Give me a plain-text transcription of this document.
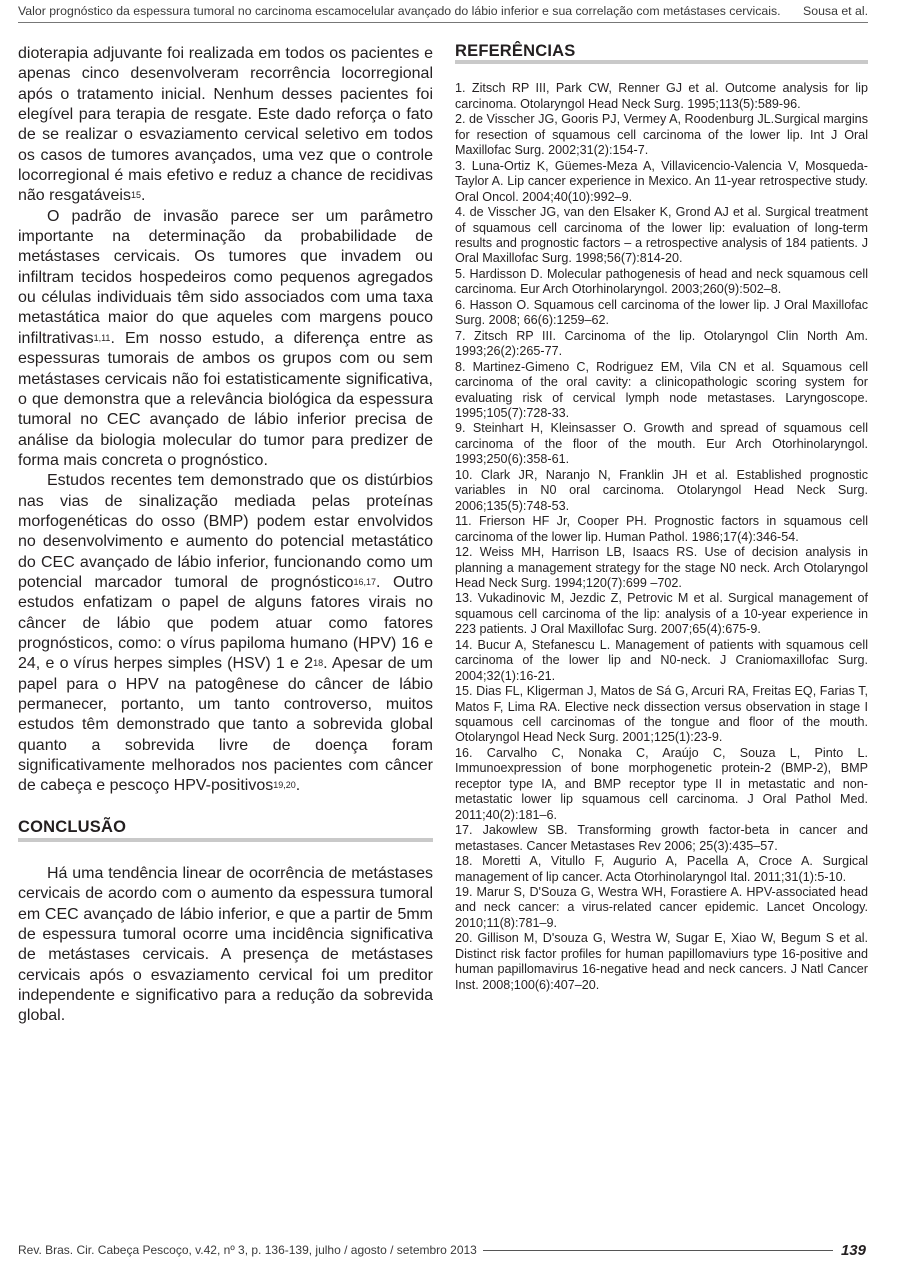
Valor prognóstico da espessura tumoral no carcinoma escamocelular avançado do lábio inferior e sua correlação com metástases cervicais. Sousa et al.

dioterapia adjuvante foi realizada em todos os pacientes e apenas cinco desenvolveram recorrência locorregional após o tratamento inicial. Nenhum desses pacientes foi elegível para terapia de resgate. Este dado reforça o fato de se realizar o esvaziamento cervical seletivo em todos os casos de tumores avançados, uma vez que o controle locorregional é mais efetivo e reduz a chance de recidivas não resgatáveis$^{15}$.

O padrão de invasão parece ser um parâmetro importante na determinação da probabilidade de metástases cervicais. Os tumores que invadem ou infiltram tecidos hospedeiros como pequenos agregados ou células individuais têm sido associados com uma taxa metastática maior do que aqueles com margens pouco infiltrativas$^{1,11}$. Em nosso estudo, a diferença entre as espessuras tumorais de ambos os grupos com ou sem metástases cervicais não foi estatisticamente significativa, o que demonstra que a relevância biológica da espessura tumoral no CEC avançado de lábio inferior precisa de análise da biologia molecular do tumor para predizer de forma mais concreta o prognóstico.

Estudos recentes tem demonstrado que os distúrbios nas vias de sinalização mediada pelas proteínas morfogenéticas do osso (BMP) podem estar envolvidos no desenvolvimento e aumento do potencial metastático do CEC avançado de lábio inferior, funcionando como um potencial marcador tumoral de prognóstico$^{16,17}$. Outro estudos enfatizam o papel de alguns fatores virais no câncer de lábio que podem atuar como fatores prognósticos, como: o vírus papiloma humano (HPV) 16 e 24, e o vírus herpes simples (HSV) 1 e $2^{18}$. Apesar de um papel para o HPV na patogênese do câncer de lábio permanecer, portanto, um tanto controverso, muitos estudos têm demonstrado que tanto a sobrevida global quanto a sobrevida livre de doença foram significativamente melhorados nos pacientes com câncer de cabeça e pescoço HPV-positivos$^{19,20}$.

CONCLUSÃO

Há uma tendência linear de ocorrência de metástases cervicais de acordo com o aumento da espessura tumoral em CEC avançado de lábio inferior, e que a partir de 5mm de espessura tumoral ocorre uma incidência significativa de metástases cervicais. A presença de metástases cervicais após o esvaziamento cervical foi um preditor independente e significativo para a redução da sobrevida global.

REFERÊNCIAS
1. Zitsch RP III, Park CW, Renner GJ et al. Outcome analysis for lip carcinoma. Otolaryngol Head Neck Surg. 1995;113(5):589-96.
2. de Visscher JG, Gooris PJ, Vermey A, Roodenburg JL.Surgical margins for resection of squamous cell carcinoma of the lower lip. Int J Oral Maxillofac Surg. 2002;31(2):154-7.
3. Luna-Ortiz K, Güemes-Meza A, Villavicencio-Valencia V, Mosqueda-Taylor A. Lip cancer experience in Mexico. An 11-year retrospective study. Oral Oncol. 2004;40(10):992–9.
4. de Visscher JG, van den Elsaker K, Grond AJ et al. Surgical treatment of squamous cell carcinoma of the lower lip: evaluation of long-term results and prognostic factors – a retrospective analysis of 184 patients. J Oral Maxillofac Surg. 1998;56(7):814-20.
5. Hardisson D. Molecular pathogenesis of head and neck squamous cell carcinoma. Eur Arch Otorhinolaryngol. 2003;260(9):502–8.
6. Hasson O. Squamous cell carcinoma of the lower lip. J Oral Maxillofac Surg. 2008; 66(6):1259–62.
7. Zitsch RP III. Carcinoma of the lip. Otolaryngol Clin North Am. 1993;26(2):265-77.
8. Martinez-Gimeno C, Rodriguez EM, Vila CN et al. Squamous cell carcinoma of the oral cavity: a clinicopathologic scoring system for evaluating risk of cervical lymph node metastases. Laryngoscope. 1995;105(7):728-33.
9. Steinhart H, Kleinsasser O. Growth and spread of squamous cell carcinoma of the floor of the mouth. Eur Arch Otorhinolaryngol. 1993;250(6):358-61.
10. Clark JR, Naranjo N, Franklin JH et al. Established prognostic variables in N0 oral carcinoma. Otolaryngol Head Neck Surg. 2006;135(5):748-53.
11. Frierson HF Jr, Cooper PH. Prognostic factors in squamous cell carcinoma of the lower lip. Human Pathol. 1986;17(4):346-54.
12. Weiss MH, Harrison LB, Isaacs RS. Use of decision analysis in planning a management strategy for the stage N0 neck. Arch Otolaryngol Head Neck Surg. 1994;120(7):699 –702.
13. Vukadinovic M, Jezdic Z, Petrovic M et al. Surgical management of squamous cell carcinoma of the lip: analysis of a 10-year experience in 223 patients. J Oral Maxillofac Surg. 2007;65(4):675-9.
14. Bucur A, Stefanescu L. Management of patients with squamous cell carcinoma of the lower lip and N0-neck. J Craniomaxillofac Surg. 2004;32(1):16-21.
15. Dias FL, Kligerman J, Matos de Sá G, Arcuri RA, Freitas EQ, Farias T, Matos F, Lima RA. Elective neck dissection versus observation in stage I squamous cell carcinomas of the tongue and floor of the mouth. Otolaryngol Head Neck Surg. 2001;125(1):23-9.
16. Carvalho C, Nonaka C, Araújo C, Souza L, Pinto L. Immunoexpression of bone morphogenetic protein-2 (BMP-2), BMP receptor type IA, and BMP receptor type II in metastatic and non-metastatic lower lip squamous cell carcinoma. J Oral Pathol Med. 2011;40(2):181–6.
17. Jakowlew SB. Transforming growth factor-beta in cancer and metastases. Cancer Metastases Rev 2006; 25(3):435–57.
18. Moretti A, Vitullo F, Augurio A, Pacella A, Croce A. Surgical management of lip cancer. Acta Otorhinolaryngol Ital. 2011;31(1):5-10.
19. Marur S, D'Souza G, Westra WH, Forastiere A. HPV-associated head and neck cancer: a virus-related cancer epidemic. Lancet Oncology. 2010;11(8):781–9.
20. Gillison M, D'souza G, Westra W, Sugar E, Xiao W, Begum S et al. Distinct risk factor profiles for human papillomaviurs type 16-positive and human papillomavirus 16-negative head and neck cancers. J Natl Cancer Inst. 2008;100(6):407–20.
Rev. Bras. Cir. Cabeça Pescoço, v.42, nº 3, p. 136-139, julho / agosto / setembro 2013	139
